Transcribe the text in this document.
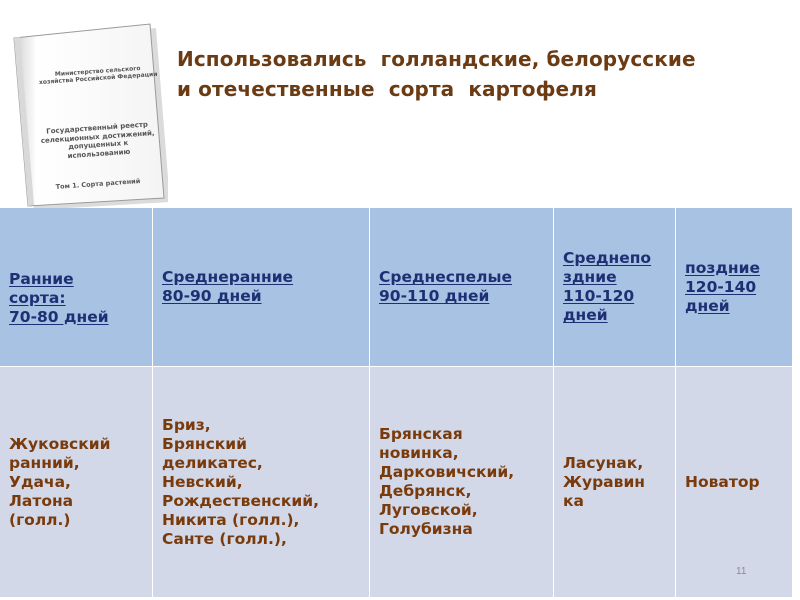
Министерство сельского хозяйства Российской Федерации
Государственный реестр селекционных достижений, допущенных к использованию
Том 1. Сорта растений
Использовались  голландские, белорусские
и отечественные  сорта  картофеля
Ранние
сорта:
70-80 дней
Среднеранние
80-90 дней
Среднеспелые
90-110 дней
Среднепо
здние
110-120
дней
поздние
120-140
дней
Жуковский
ранний,
Удача,
Латона
(голл.)
Бриз,
Брянский
деликатес,
Невский,
Рождественский,
Никита (голл.),
Санте (голл.),
Брянская
новинка,
Дарковичский,
Дебрянск,
Луговской,
Голубизна
Ласунак,
Журавин
ка
Новатор
11
